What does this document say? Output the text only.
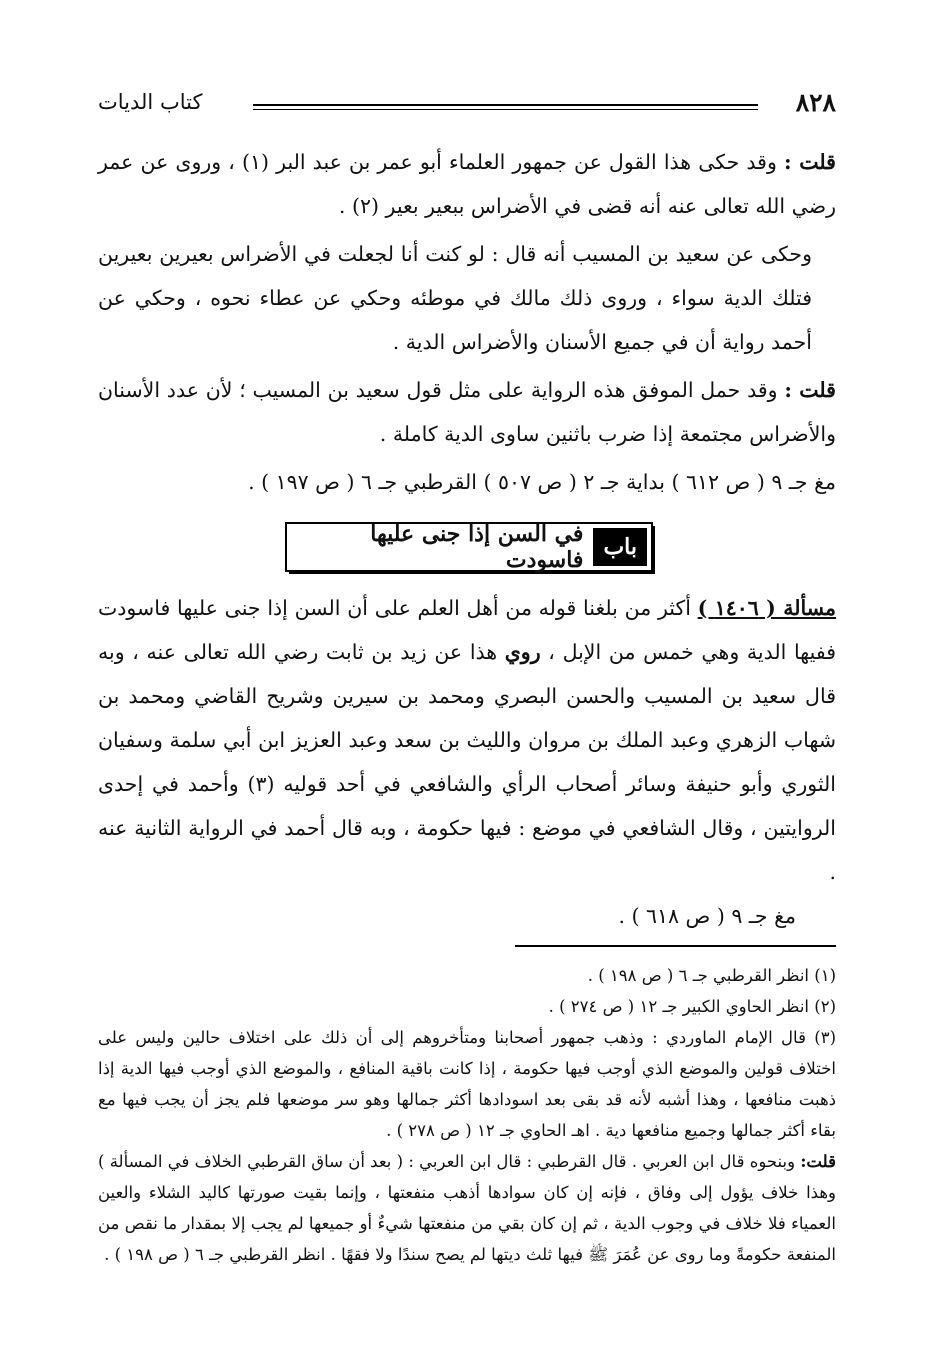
٨٢٨
كتاب الديات

قلت : وقد حكى هذا القول عن جمهور العلماء أبو عمر بن عبد البر (١) ، وروى عن عمر رضي الله تعالى عنه أنه قضى في الأضراس ببعير بعير (٢) .

وحكى عن سعيد بن المسيب أنه قال : لو كنت أنا لجعلت في الأضراس بعيرين بعيرين فتلك الدية سواء ، وروى ذلك مالك في موطئه وحكي عن عطاء نحوه ، وحكي عن أحمد رواية أن في جميع الأسنان والأضراس الدية .

قلت : وقد حمل الموفق هذه الرواية على مثل قول سعيد بن المسيب ؛ لأن عدد الأسنان والأضراس مجتمعة إذا ضرب باثنين ساوى الدية كاملة .

مغ جـ ٩ ( ص ٦١٢ ) بداية جـ ٢ ( ص ٥٠٧ ) القرطبي جـ ٦ ( ص ١٩٧ ) .

باب
في السن إذا جنى عليها فاسودت

مسألة ( ١٤٠٦ ) أكثر من بلغنا قوله من أهل العلم على أن السن إذا جنى عليها فاسودت ففيها الدية وهي خمس من الإبل ، روي هذا عن زيد بن ثابت رضي الله تعالى عنه ، وبه قال سعيد بن المسيب والحسن البصري ومحمد بن سيرين وشريح القاضي ومحمد بن شهاب الزهري وعبد الملك بن مروان والليث بن سعد وعبد العزيز ابن أبي سلمة وسفيان الثوري وأبو حنيفة وسائر أصحاب الرأي والشافعي في أحد قوليه (٣) وأحمد في إحدى الروايتين ، وقال الشافعي في موضع : فيها حكومة ، وبه قال أحمد في الرواية الثانية عنه .

مغ جـ ٩ ( ص ٦١٨ ) .

(١) انظر القرطبي جـ ٦ ( ص ١٩٨ ) .

(٢) انظر الحاوي الكبير جـ ١٢ ( ص ٢٧٤ ) .

(٣) قال الإمام الماوردي : وذهب جمهور أصحابنا ومتأخروهم إلى أن ذلك على اختلاف حالين وليس على اختلاف قولين والموضع الذي أوجب فيها حكومة ، إذا كانت باقية المنافع ، والموضع الذي أوجب فيها الدية إذا ذهبت منافعها ، وهذا أشبه لأنه قد بقى بعد اسودادها أكثر جمالها وهو سر موضعها فلم يجز أن يجب فيها مع بقاء أكثر جمالها وجميع منافعها دية . اهـ الحاوي جـ ١٢ ( ص ٢٧٨ ) .

قلت: وبنحوه قال ابن العربي . قال القرطبي : قال ابن العربي : ( بعد أن ساق القرطبي الخلاف في المسألة ) وهذا خلاف يؤول إلى وفاق ، فإنه إن كان سوادها أذهب منفعتها ، وإنما بقيت صورتها كاليد الشلاء والعين العمياء فلا خلاف في وجوب الدية ، ثم إن كان بقي من منفعتها شيءٌ أو جميعها لم يجب إلا بمقدار ما نقص من المنفعة حكومةً وما روى عن عُمَرَ ﷺ فيها ثلث ديتها لم يصح سندًا ولا فقهًا . انظر القرطبي جـ ٦ ( ص ١٩٨ ) .
